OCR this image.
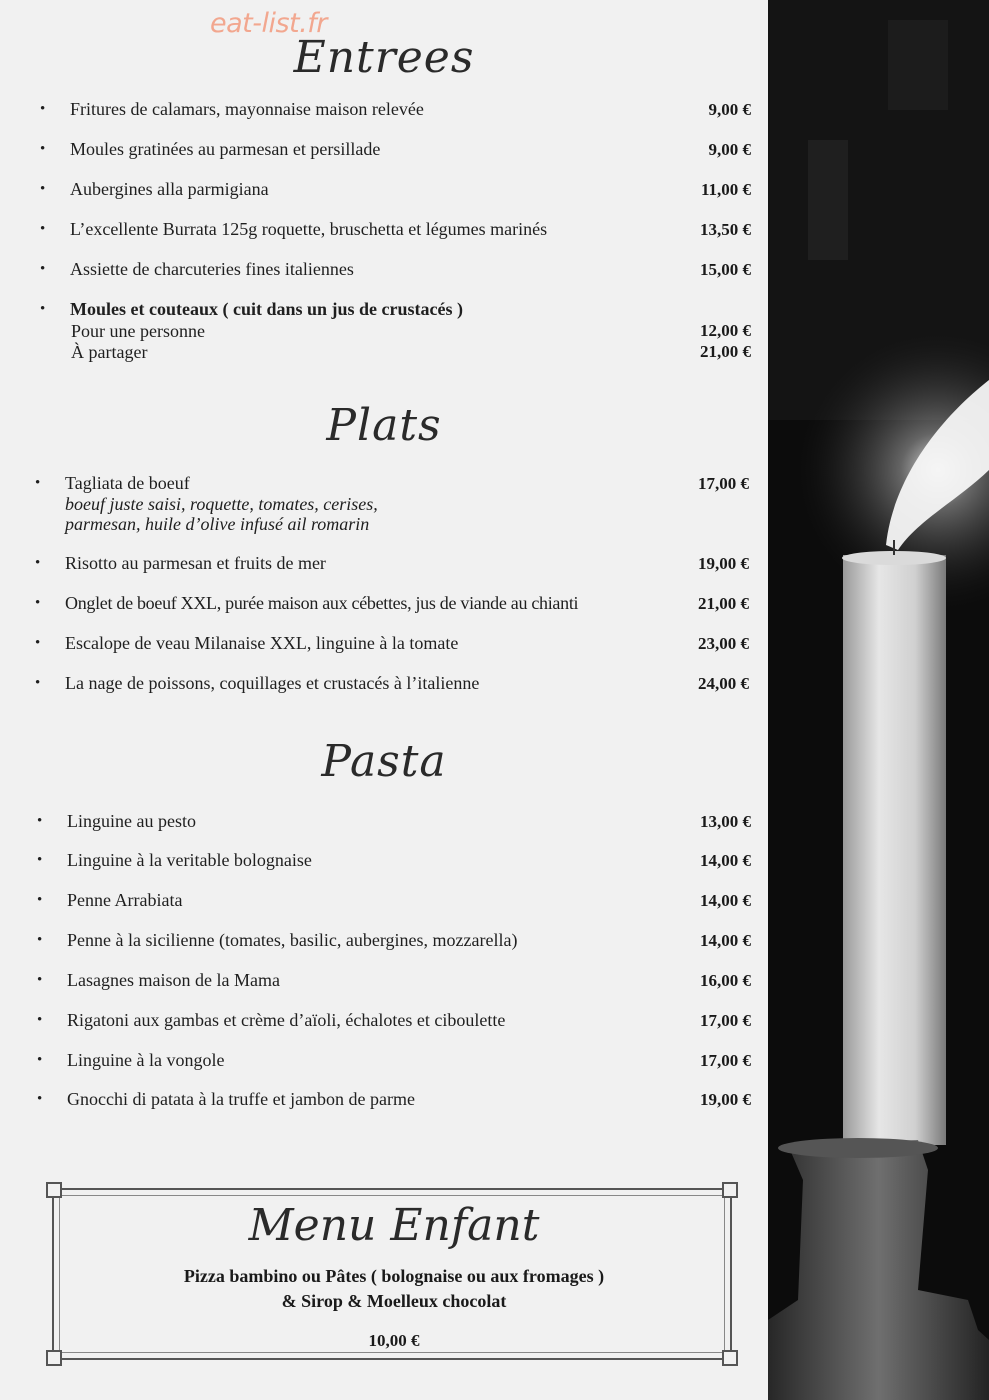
eat-list.fr
Entrees
• Fritures de calamars, mayonnaise maison relevée	9,00 €
• Moules gratinées au parmesan et persillade	9,00 €
• Aubergines alla parmigiana	11,00 €
• L’excellente Burrata 125g roquette, bruschetta et légumes marinés	13,50 €
• Assiette de charcuteries fines italiennes	15,00 €
• Moules et couteaux ( cuit dans un jus de crustacés )
Pour une personne	12,00 €
À partager	21,00 €
Plats
• Tagliata de boeuf	17,00 €
boeuf juste saisi, roquette, tomates, cerises,
parmesan, huile d’olive infusé ail romarin
• Risotto au parmesan et fruits de mer	19,00 €
• Onglet de boeuf XXL, purée maison aux cébettes, jus de viande au chianti	21,00 €
• Escalope de veau Milanaise XXL, linguine à la tomate	23,00 €
• La nage de poissons, coquillages et crustacés à l’italienne	24,00 €
Pasta
• Linguine au pesto	13,00 €
• Linguine à la veritable bolognaise	14,00 €
• Penne Arrabiata	14,00 €
• Penne à la sicilienne (tomates, basilic, aubergines, mozzarella)	14,00 €
• Lasagnes maison de la Mama	16,00 €
• Rigatoni aux gambas et crème d’aïoli, échalotes et ciboulette	17,00 €
• Linguine à la vongole	17,00 €
• Gnocchi di patata à la truffe et jambon de parme	19,00 €
Menu Enfant
Pizza bambino ou Pâtes ( bolognaise ou aux fromages )
& Sirop & Moelleux chocolat
10,00 €
